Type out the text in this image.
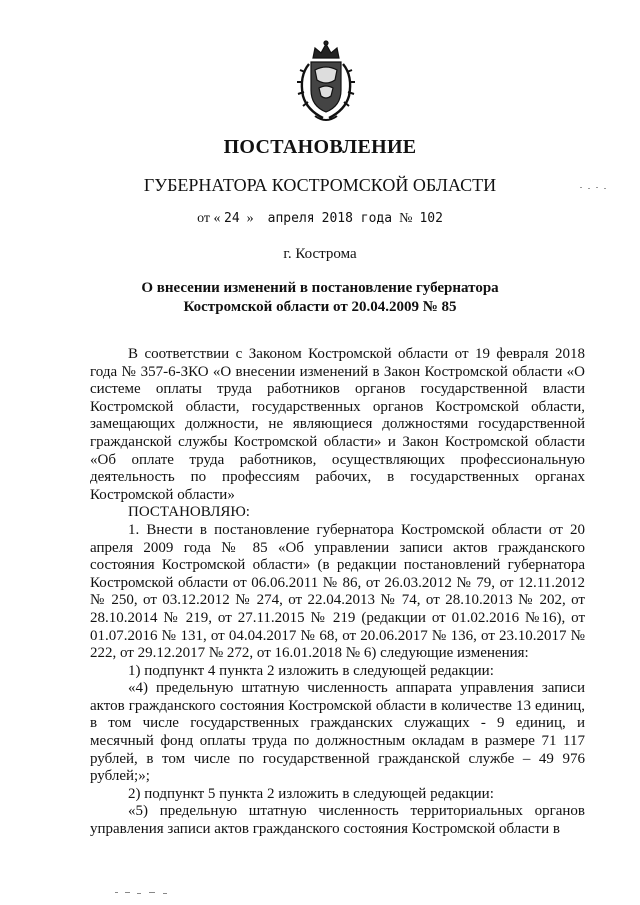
ПОСТАНОВЛЕНИЕ
ГУБЕРНАТОРА КОСТРОМСКОЙ ОБЛАСТИ
от « 24 » апреля 2018 года № 102
г. Кострома
О внесении изменений в постановление губернатора
Костромской области от 20.04.2009 № 85

В соответствии с Законом Костромской области от 19 февраля 2018 года № 357-6-ЗКО «О внесении изменений в Закон Костромской области «О системе оплаты труда работников органов государственной власти Костромской области, государственных органов Костромской области, замещающих должности, не являющиеся должностями государственной гражданской службы Костромской области» и Закон Костромской области «Об оплате труда работников, осуществляющих профессиональную деятельность по профессиям рабочих, в государственных органах Костромской области»

ПОСТАНОВЛЯЮ:

1. Внести в постановление губернатора Костромской области от 20 апреля 2009 года № 85 «Об управлении записи актов гражданского состояния Костромской области» (в редакции постановлений губернатора Костромской области от 06.06.2011 № 86, от 26.03.2012 № 79, от 12.11.2012 № 250, от 03.12.2012 № 274, от 22.04.2013 № 74, от 28.10.2013 № 202, от 28.10.2014 № 219, от 27.11.2015 № 219 (редакции от 01.02.2016 №16), от 01.07.2016 № 131, от 04.04.2017 № 68, от 20.06.2017 № 136, от 23.10.2017 № 222, от 29.12.2017 № 272, от 16.01.2018 № 6) следующие изменения:

1) подпункт 4 пункта 2 изложить в следующей редакции:

«4) предельную штатную численность аппарата управления записи актов гражданского состояния Костромской области в количестве 13 единиц, в том числе государственных гражданских служащих - 9 единиц, и месячный фонд оплаты труда по должностным окладам в размере 71 117 рублей, в том числе по государственной гражданской службе – 49 976 рублей;»;

2) подпункт 5 пункта 2 изложить в следующей редакции:

«5) предельную штатную численность территориальных органов управления записи актов гражданского состояния Костромской области в
